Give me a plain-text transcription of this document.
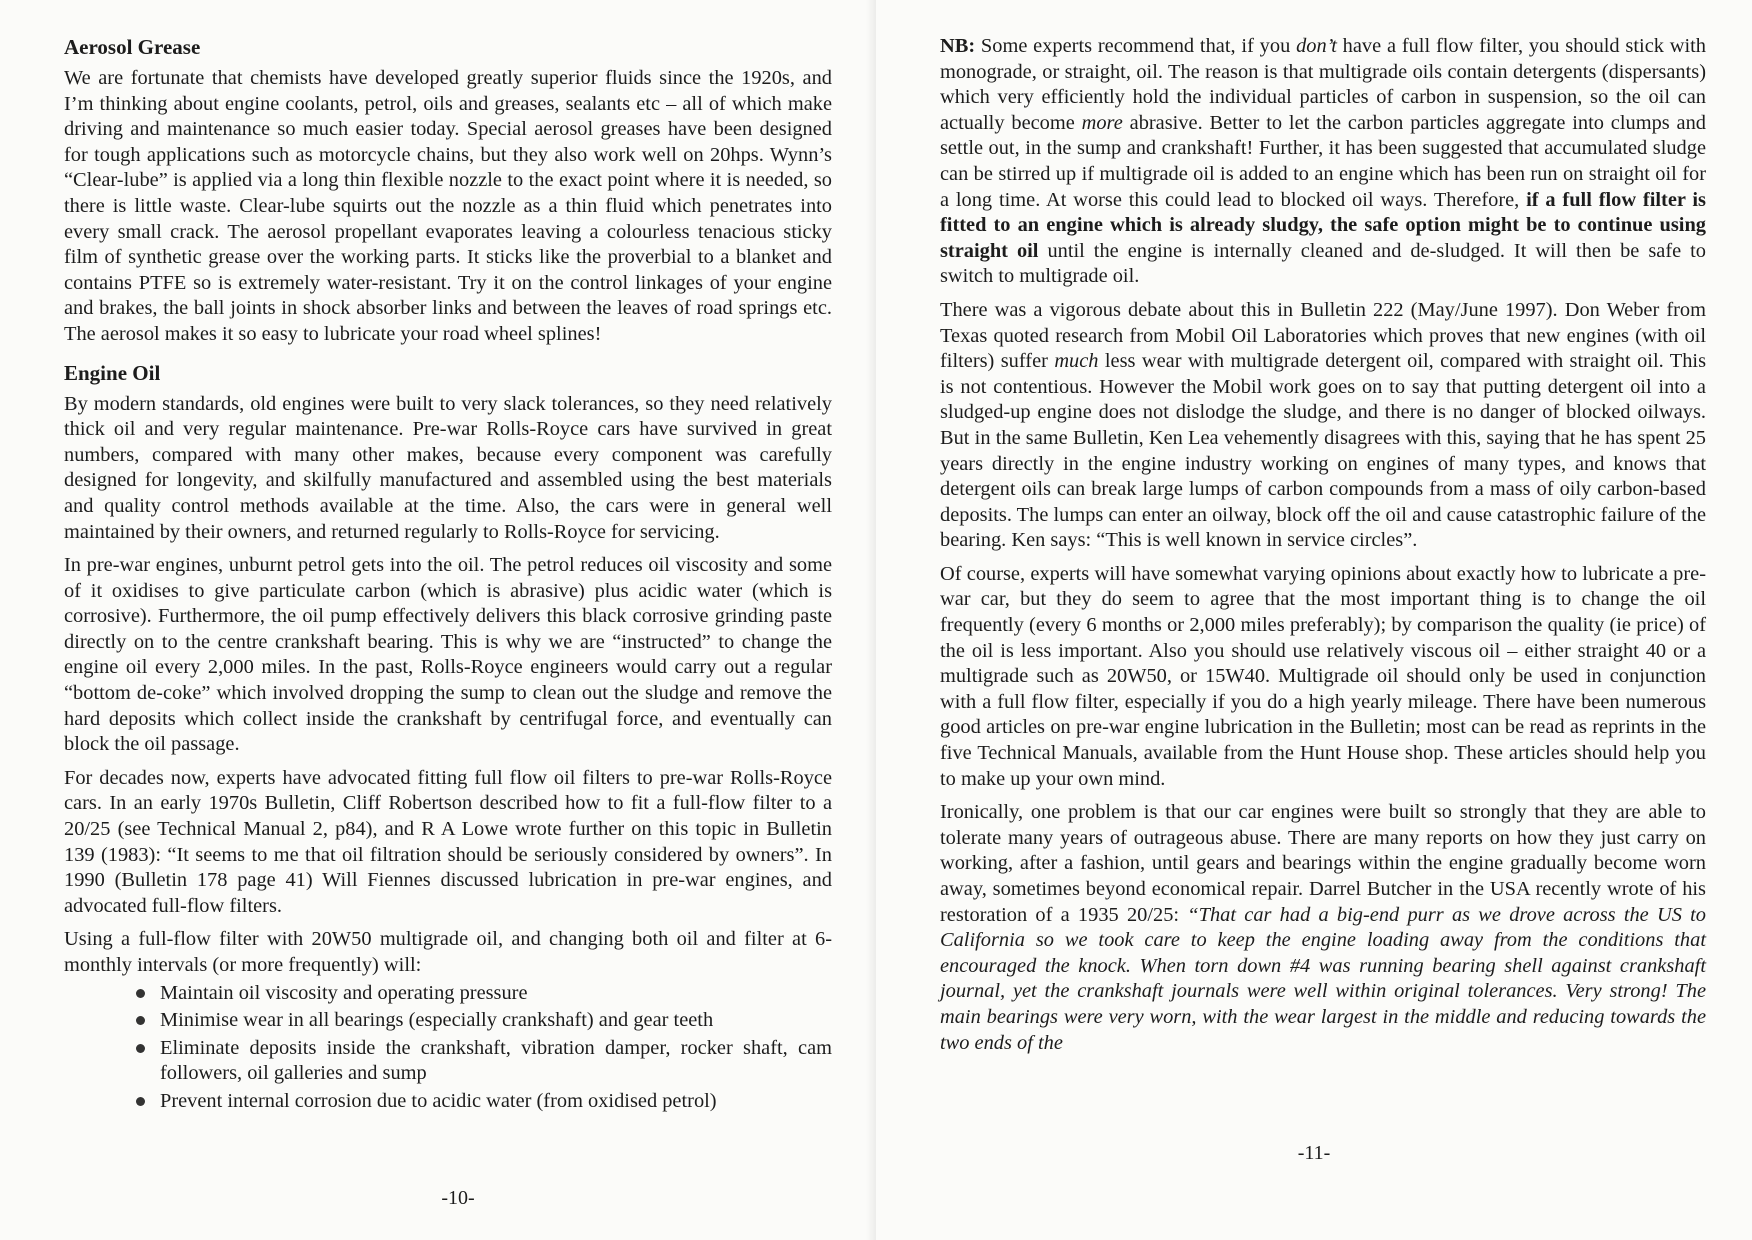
Aerosol Grease

We are fortunate that chemists have developed greatly superior fluids since the 1920s, and I’m thinking about engine coolants, petrol, oils and greases, sealants etc – all of which make driving and maintenance so much easier today. Special aerosol greases have been designed for tough applications such as motorcycle chains, but they also work well on 20hps. Wynn’s “Clear-lube” is applied via a long thin flexible nozzle to the exact point where it is needed, so there is little waste. Clear-lube squirts out the nozzle as a thin fluid which penetrates into every small crack. The aerosol propellant evaporates leaving a colourless tenacious sticky film of synthetic grease over the working parts. It sticks like the proverbial to a blanket and contains PTFE so is extremely water-resistant. Try it on the control linkages of your engine and brakes, the ball joints in shock absorber links and between the leaves of road springs etc. The aerosol makes it so easy to lubricate your road wheel splines!

Engine Oil

By modern standards, old engines were built to very slack tolerances, so they need relatively thick oil and very regular maintenance. Pre-war Rolls-Royce cars have survived in great numbers, compared with many other makes, because every component was carefully designed for longevity, and skilfully manufactured and assembled using the best materials and quality control methods available at the time. Also, the cars were in general well maintained by their owners, and returned regularly to Rolls-Royce for servicing.

In pre-war engines, unburnt petrol gets into the oil. The petrol reduces oil viscosity and some of it oxidises to give particulate carbon (which is abrasive) plus acidic water (which is corrosive). Furthermore, the oil pump effectively delivers this black corrosive grinding paste directly on to the centre crankshaft bearing. This is why we are “instructed” to change the engine oil every 2,000 miles. In the past, Rolls-Royce engineers would carry out a regular “bottom de-coke” which involved dropping the sump to clean out the sludge and remove the hard deposits which collect inside the crankshaft by centrifugal force, and eventually can block the oil passage.

For decades now, experts have advocated fitting full flow oil filters to pre-war Rolls-Royce cars. In an early 1970s Bulletin, Cliff Robertson described how to fit a full-flow filter to a 20/25 (see Technical Manual 2, p84), and R A Lowe wrote further on this topic in Bulletin 139 (1983): “It seems to me that oil filtration should be seriously considered by owners”. In 1990 (Bulletin 178 page 41) Will Fiennes discussed lubrication in pre-war engines, and advocated full-flow filters.

Using a full-flow filter with 20W50 multigrade oil, and changing both oil and filter at 6-monthly intervals (or more frequently) will:

Maintain oil viscosity and operating pressure
Minimise wear in all bearings (especially crankshaft) and gear teeth
Eliminate deposits inside the crankshaft, vibration damper, rocker shaft, cam followers, oil galleries and sump
Prevent internal corrosion due to acidic water (from oxidised petrol)
-10-

NB: Some experts recommend that, if you don’t have a full flow filter, you should stick with monograde, or straight, oil. The reason is that multigrade oils contain detergents (dispersants) which very efficiently hold the individual particles of carbon in suspension, so the oil can actually become more abrasive. Better to let the carbon particles aggregate into clumps and settle out, in the sump and crankshaft! Further, it has been suggested that accumulated sludge can be stirred up if multigrade oil is added to an engine which has been run on straight oil for a long time. At worse this could lead to blocked oil ways. Therefore, if a full flow filter is fitted to an engine which is already sludgy, the safe option might be to continue using straight oil until the engine is internally cleaned and de-sludged. It will then be safe to switch to multigrade oil.

There was a vigorous debate about this in Bulletin 222 (May/June 1997). Don Weber from Texas quoted research from Mobil Oil Laboratories which proves that new engines (with oil filters) suffer much less wear with multigrade detergent oil, compared with straight oil. This is not contentious. However the Mobil work goes on to say that putting detergent oil into a sludged-up engine does not dislodge the sludge, and there is no danger of blocked oilways. But in the same Bulletin, Ken Lea vehemently disagrees with this, saying that he has spent 25 years directly in the engine industry working on engines of many types, and knows that detergent oils can break large lumps of carbon compounds from a mass of oily carbon-based deposits. The lumps can enter an oilway, block off the oil and cause catastrophic failure of the bearing. Ken says: “This is well known in service circles”.

Of course, experts will have somewhat varying opinions about exactly how to lubricate a pre-war car, but they do seem to agree that the most important thing is to change the oil frequently (every 6 months or 2,000 miles preferably); by comparison the quality (ie price) of the oil is less important. Also you should use relatively viscous oil – either straight 40 or a multigrade such as 20W50, or 15W40. Multigrade oil should only be used in conjunction with a full flow filter, especially if you do a high yearly mileage. There have been numerous good articles on pre-war engine lubrication in the Bulletin; most can be read as reprints in the five Technical Manuals, available from the Hunt House shop. These articles should help you to make up your own mind.

Ironically, one problem is that our car engines were built so strongly that they are able to tolerate many years of outrageous abuse. There are many reports on how they just carry on working, after a fashion, until gears and bearings within the engine gradually become worn away, sometimes beyond economical repair. Darrel Butcher in the USA recently wrote of his restoration of a 1935 20/25: “That car had a big-end purr as we drove across the US to California so we took care to keep the engine loading away from the conditions that encouraged the knock. When torn down #4 was running bearing shell against crankshaft journal, yet the crankshaft journals were well within original tolerances. Very strong! The main bearings were very worn, with the wear largest in the middle and reducing towards the two ends of the

-11-
